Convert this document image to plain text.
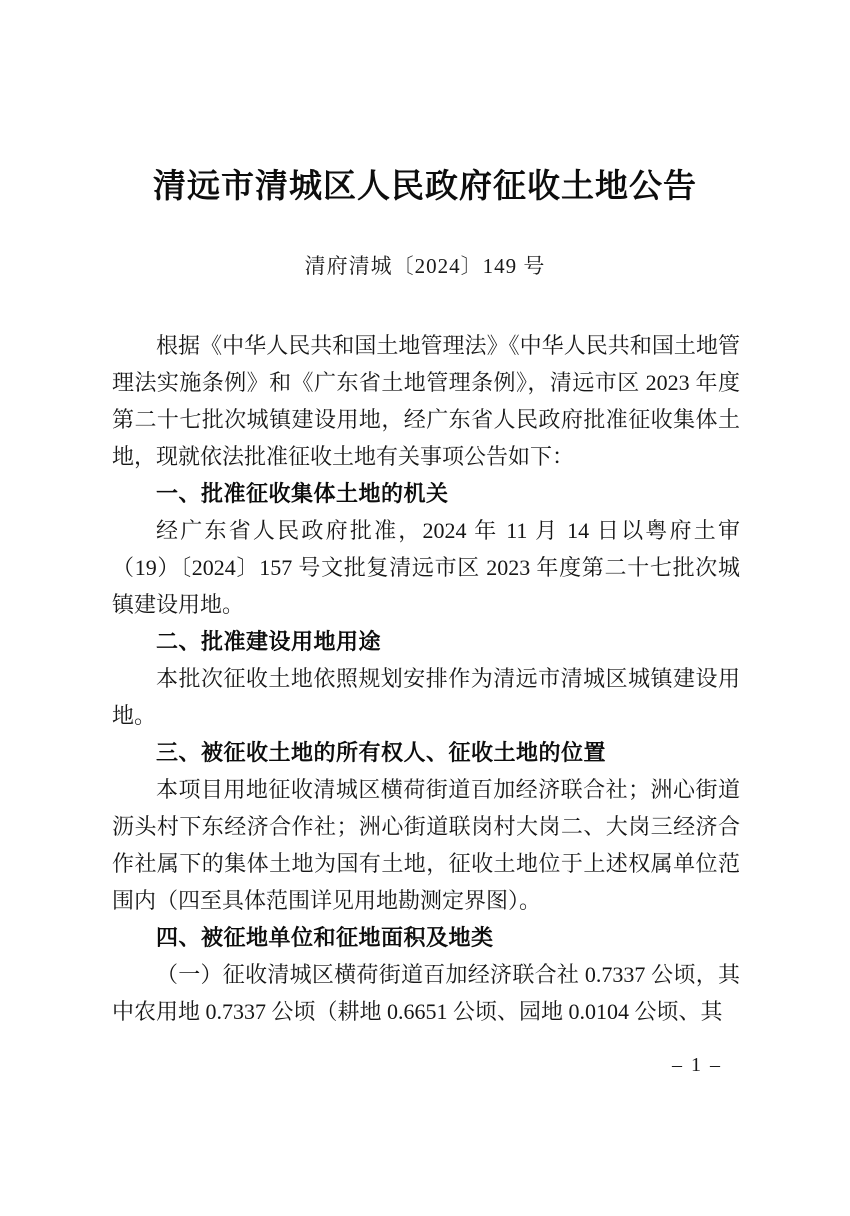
清远市清城区人民政府征收土地公告
清府清城〔2024〕149 号

根据《中华人民共和国土地管理法》《中华人民共和国土地管理法实施条例》和《广东省土地管理条例》，清远市区 2023 年度第二十七批次城镇建设用地，经广东省人民政府批准征收集体土地，现就依法批准征收土地有关事项公告如下：

一、批准征收集体土地的机关

经广东省人民政府批准，2024 年 11 月 14 日以粤府土审（19）〔2024〕157 号文批复清远市区 2023 年度第二十七批次城镇建设用地。

二、批准建设用地用途

本批次征收土地依照规划安排作为清远市清城区城镇建设用地。

三、被征收土地的所有权人、征收土地的位置

本项目用地征收清城区横荷街道百加经济联合社；洲心街道沥头村下东经济合作社；洲心街道联岗村大岗二、大岗三经济合作社属下的集体土地为国有土地，征收土地位于上述权属单位范围内（四至具体范围详见用地勘测定界图）。

四、被征地单位和征地面积及地类

（一）征收清城区横荷街道百加经济联合社 0.7337 公顷，其中农用地 0.7337 公顷（耕地 0.6651 公顷、园地 0.0104 公顷、其

– 1 –
